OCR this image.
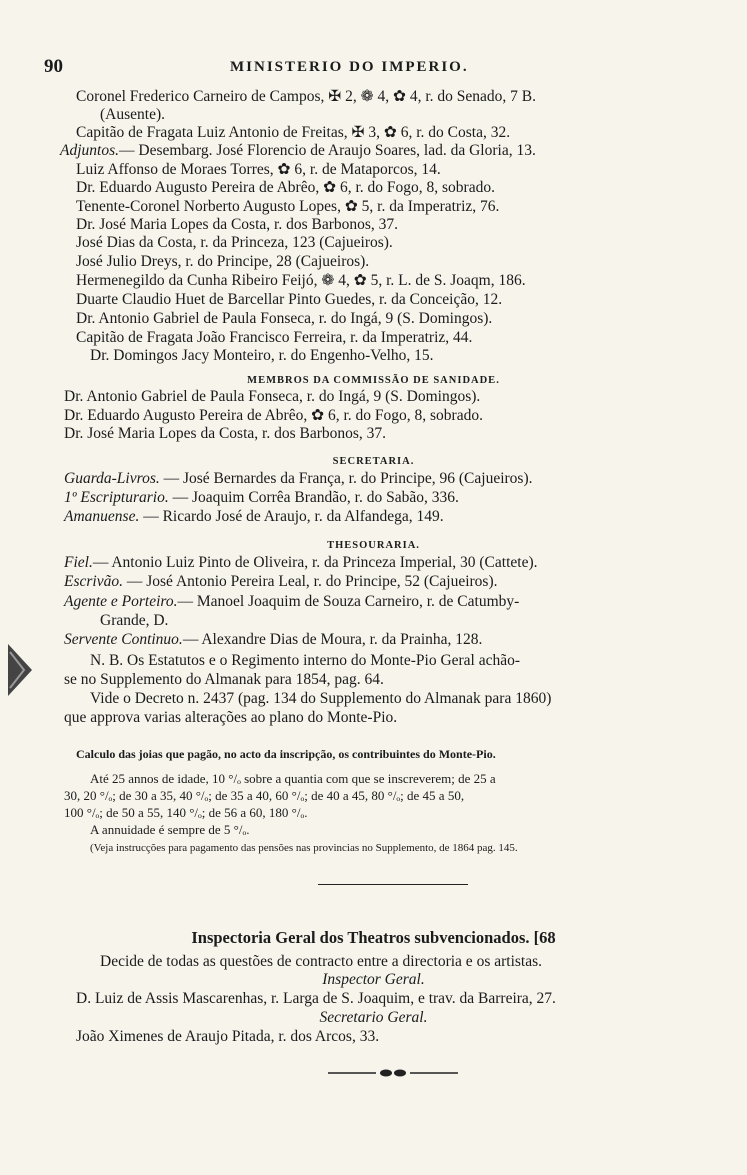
90	MINISTERIO DO IMPERIO.
Coronel Frederico Carneiro de Campos, ✠ 2, ❁ 4, ✿ 4, r. do Senado, 7 B.
(Ausente).
Capitão de Fragata Luiz Antonio de Freitas, ✠ 3, ✿ 6, r. do Costa, 32.
Adjuntos.— Desembarg. José Florencio de Araujo Soares, lad. da Gloria, 13.
Luiz Affonso de Moraes Torres, ✿ 6, r. de Mataporcos, 14.
Dr. Eduardo Augusto Pereira de Abrêo, ✿ 6, r. do Fogo, 8, sobrado.
Tenente-Coronel Norberto Augusto Lopes, ✿ 5, r. da Imperatriz, 76.
Dr. José Maria Lopes da Costa, r. dos Barbonos, 37.
José Dias da Costa, r. da Princeza, 123 (Cajueiros).
José Julio Dreys, r. do Principe, 28 (Cajueiros).
Hermenegildo da Cunha Ribeiro Feijó, ❁ 4, ✿ 5, r. L. de S. Joaqm, 186.
Duarte Claudio Huet de Barcellar Pinto Guedes, r. da Conceição, 12.
Dr. Antonio Gabriel de Paula Fonseca, r. do Ingá, 9 (S. Domingos).
Capitão de Fragata João Francisco Ferreira, r. da Imperatriz, 44.
Dr. Domingos Jacy Monteiro, r. do Engenho-Velho, 15.
MEMBROS DA COMMISSÃO DE SANIDADE.
Dr. Antonio Gabriel de Paula Fonseca, r. do Ingá, 9 (S. Domingos).
Dr. Eduardo Augusto Pereira de Abrêo, ✿ 6, r. do Fogo, 8, sobrado.
Dr. José Maria Lopes da Costa, r. dos Barbonos, 37.
SECRETARIA.
Guarda-Livros. — José Bernardes da França, r. do Principe, 96 (Cajueiros).
1º Escripturario. — Joaquim Corrêa Brandão, r. do Sabão, 336.
Amanuense. — Ricardo José de Araujo, r. da Alfandega, 149.
THESOURARIA.
Fiel.— Antonio Luiz Pinto de Oliveira, r. da Princeza Imperial, 30 (Cattete).
Escrivão. — José Antonio Pereira Leal, r. do Principe, 52 (Cajueiros).
Agente e Porteiro.— Manoel Joaquim de Souza Carneiro, r. de Catumby-
Grande, D.
Servente Continuo.— Alexandre Dias de Moura, r. da Prainha, 128.
N. B. Os Estatutos e o Regimento interno do Monte-Pio Geral achão-
se no Supplemento do Almanak para 1854, pag. 64.
Vide o Decreto n. 2437 (pag. 134 do Supplemento do Almanak para 1860)
que approva varias alterações ao plano do Monte-Pio.
Calculo das joias que pagão, no acto da inscripção, os contribuintes do Monte-Pio.
Até 25 annos de idade, 10 °/ₒ sobre a quantia com que se inscreverem; de 25 a
30, 20 °/ₒ; de 30 a 35, 40 °/ₒ; de 35 a 40, 60 °/ₒ; de 40 a 45, 80 °/ₒ; de 45 a 50,
100 °/ₒ; de 50 a 55, 140 °/ₒ; de 56 a 60, 180 °/ₒ.
A annuidade é sempre de 5 °/ₒ.
(Veja instrucções para pagamento das pensões nas provincias no Supplemento, de 1864 pag. 145.
Inspectoria Geral dos Theatros subvencionados. [68
Decide de todas as questões de contracto entre a directoria e os artistas.
Inspector Geral.
D. Luiz de Assis Mascarenhas, r. Larga de S. Joaquim, e trav. da Barreira, 27.
Secretario Geral.
João Ximenes de Araujo Pitada, r. dos Arcos, 33.
